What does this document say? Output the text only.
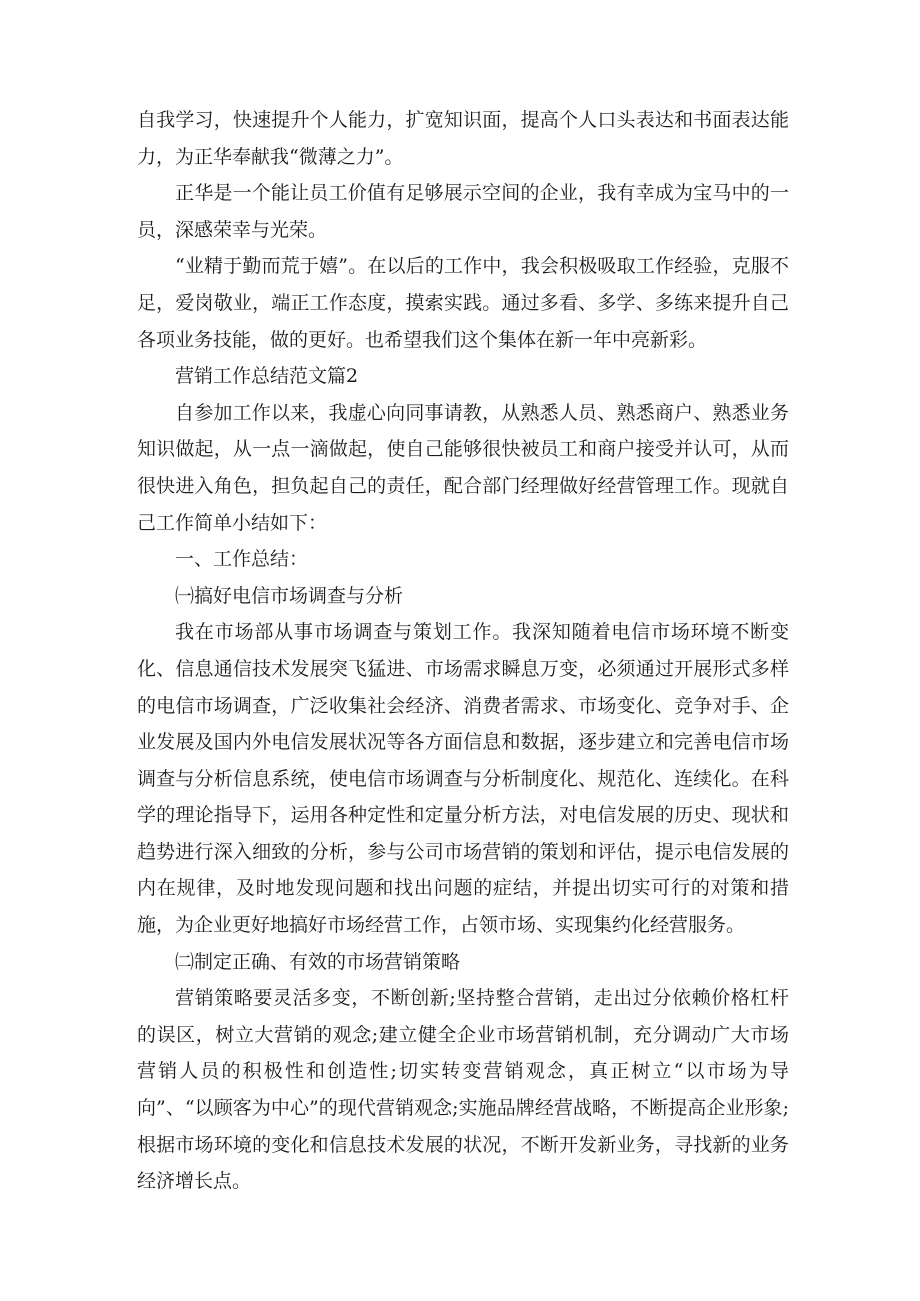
自我学习，快速提升个人能力，扩宽知识面，提高个人口头表达和书面表达能力，为正华奉献我“微薄之力”。

正华是一个能让员工价值有足够展示空间的企业，我有幸成为宝马中的一员，深感荣幸与光荣。

“业精于勤而荒于嬉”。在以后的工作中，我会积极吸取工作经验，克服不足，爱岗敬业，端正工作态度，摸索实践。通过多看、多学、多练来提升自己各项业务技能，做的更好。也希望我们这个集体在新一年中亮新彩。

营销工作总结范文篇2

自参加工作以来，我虚心向同事请教，从熟悉人员、熟悉商户、熟悉业务知识做起，从一点一滴做起，使自己能够很快被员工和商户接受并认可，从而很快进入角色，担负起自己的责任，配合部门经理做好经营管理工作。现就自己工作简单小结如下：

一、工作总结：

㈠搞好电信市场调查与分析

我在市场部从事市场调查与策划工作。我深知随着电信市场环境不断变化、信息通信技术发展突飞猛进、市场需求瞬息万变，必须通过开展形式多样的电信市场调查，广泛收集社会经济、消费者需求、市场变化、竞争对手、企业发展及国内外电信发展状况等各方面信息和数据，逐步建立和完善电信市场调查与分析信息系统，使电信市场调查与分析制度化、规范化、连续化。在科学的理论指导下，运用各种定性和定量分析方法，对电信发展的历史、现状和趋势进行深入细致的分析，参与公司市场营销的策划和评估，提示电信发展的内在规律，及时地发现问题和找出问题的症结，并提出切实可行的对策和措施，为企业更好地搞好市场经营工作，占领市场、实现集约化经营服务。

㈡制定正确、有效的市场营销策略

营销策略要灵活多变，不断创新;坚持整合营销，走出过分依赖价格杠杆的误区，树立大营销的观念;建立健全企业市场营销机制，充分调动广大市场营销人员的积极性和创造性;切实转变营销观念，真正树立“以市场为导向”、“以顾客为中心”的现代营销观念;实施品牌经营战略，不断提高企业形象;根据市场环境的变化和信息技术发展的状况，不断开发新业务，寻找新的业务经济增长点。
